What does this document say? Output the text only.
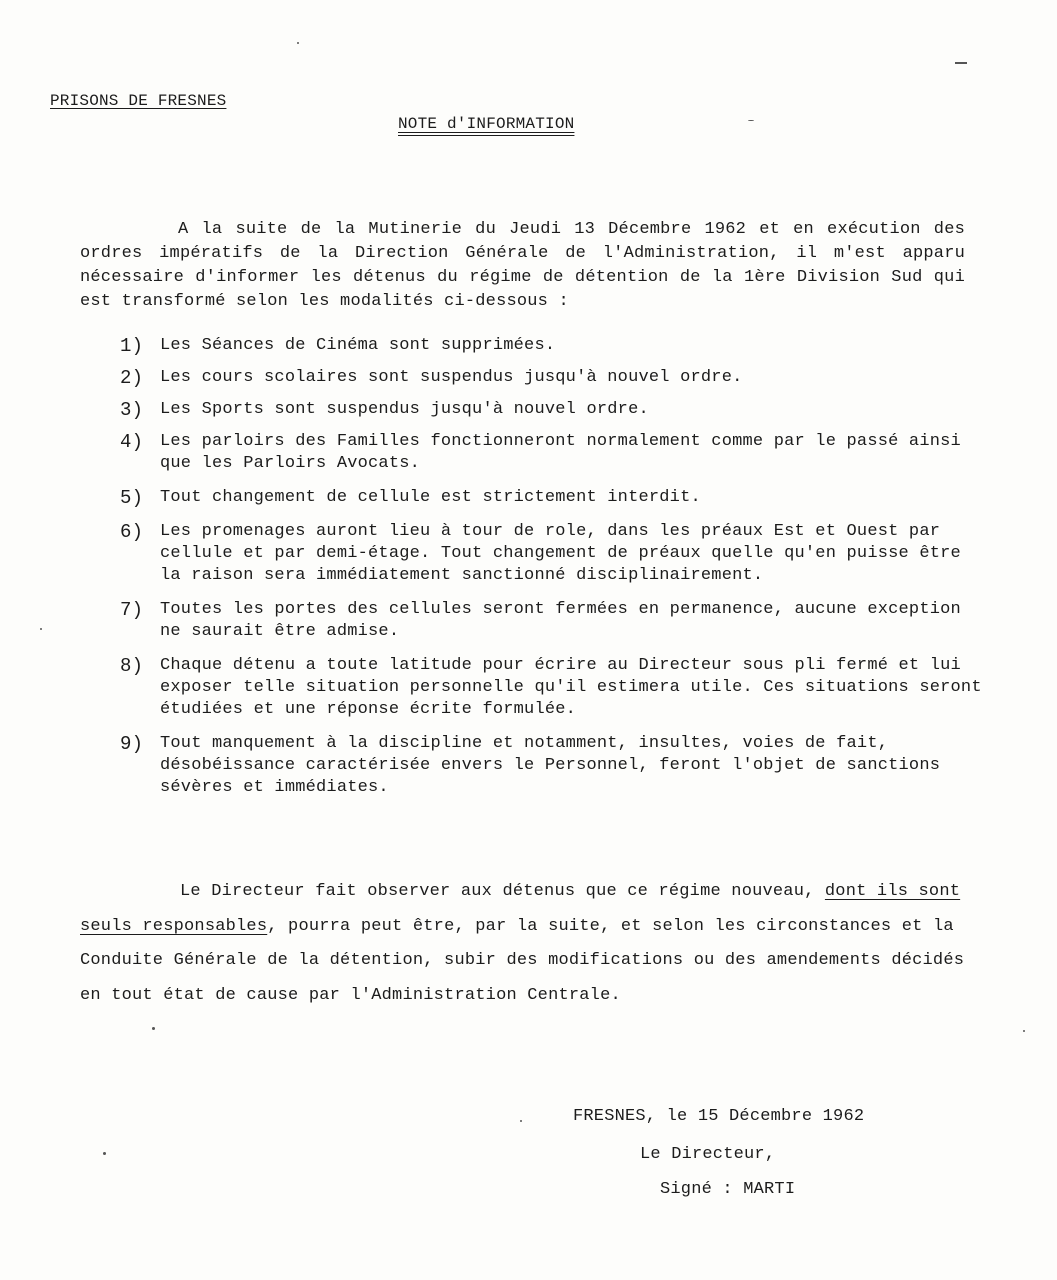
PRISONS DE FRESNES
NOTE d'INFORMATION

A la suite de la Mutinerie du Jeudi 13 Décembre 1962 et en exécution des ordres impératifs de la Direction Générale de l'Administration, il m'est apparu nécessaire d'informer les détenus du régime de détention de la 1ère Division Sud qui est transformé selon les modalités ci-dessous :

1) Les Séances de Cinéma sont supprimées.
2) Les cours scolaires sont suspendus jusqu'à nouvel ordre.
3) Les Sports sont suspendus jusqu'à nouvel ordre.
4) Les parloirs des Familles fonctionneront normalement comme par le passé ainsi que les Parloirs Avocats.
5) Tout changement de cellule est strictement interdit.
6) Les promenages auront lieu à tour de role, dans les préaux Est et Ouest par cellule et par demi-étage. Tout changement de préaux quelle qu'en puisse être la raison sera immédiatement sanctionné disciplinairement.
7) Toutes les portes des cellules seront fermées en permanence, aucune exception ne saurait être admise.
8) Chaque détenu a toute latitude pour écrire au Directeur sous pli fermé et lui exposer telle situation personnelle qu'il estimera utile. Ces situations seront étudiées et une réponse écrite formulée.
9) Tout manquement à la discipline et notamment, insultes, voies de fait, désobéissance caractérisée envers le Personnel, feront l'objet de sanctions sévères et immédiates.

Le Directeur fait observer aux détenus que ce régime nouveau, dont ils sont seuls responsables, pourra peut être, par la suite, et selon les circonstances et la Conduite Générale de la détention, subir des modifications ou des amendements décidés en tout état de cause par l'Administration Centrale.

FRESNES, le 15 Décembre 1962
Le Directeur,
Signé : MARTI
